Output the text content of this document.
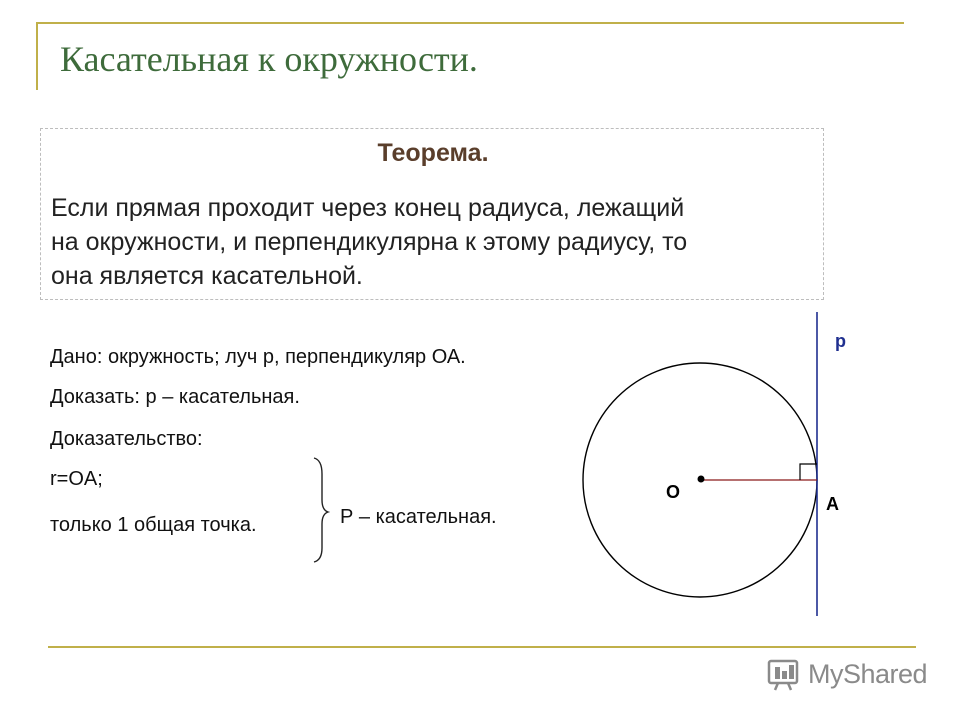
Касательная к окружности.
Теорема.
Если прямая проходит через конец радиуса, лежащий
на окружности, и перпендикулярна к этому радиусу, то
она является касательной.
Дано: окружность; луч р, перпендикуляр ОА.
Доказать: р – касательная.
Доказательство:
r=OA;
только 1 общая точка.	Р – касательная.
p
O
A
MyShared
